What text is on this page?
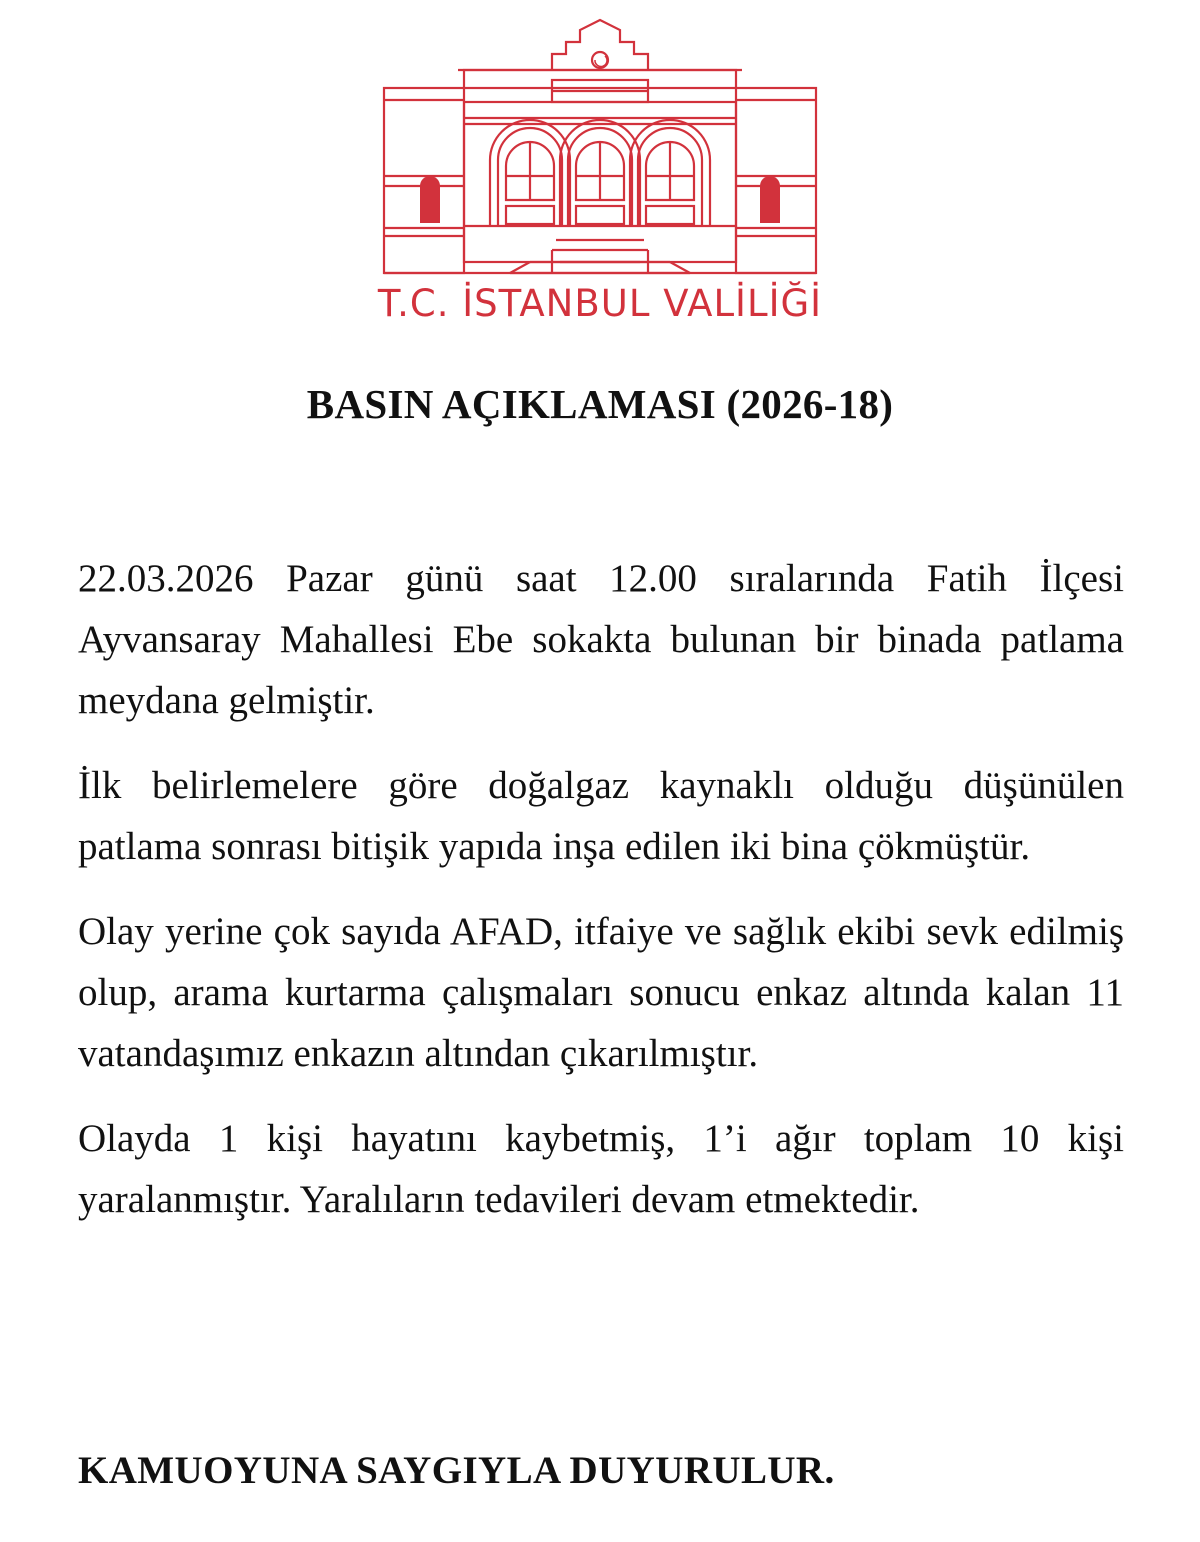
T.C. İSTANBUL VALİLİĞİ
BASIN AÇIKLAMASI (2026-18)

22.03.2026 Pazar günü saat 12.00 sıralarında Fatih İlçesi Ayvansaray Mahallesi Ebe sokakta bulunan bir binada patlama meydana gelmiştir.

İlk belirlemelere göre doğalgaz kaynaklı olduğu düşünülen patlama sonrası bitişik yapıda inşa edilen iki bina çökmüştür.

Olay yerine çok sayıda AFAD, itfaiye ve sağlık ekibi sevk edilmiş olup, arama kurtarma çalışmaları sonucu enkaz altında kalan 11 vatandaşımız enkazın altından çıkarılmıştır.

Olayda 1 kişi hayatını kaybetmiş, 1’i ağır toplam 10 kişi yaralanmıştır. Yaralıların tedavileri devam etmektedir.

KAMUOYUNA SAYGIYLA DUYURULUR.
